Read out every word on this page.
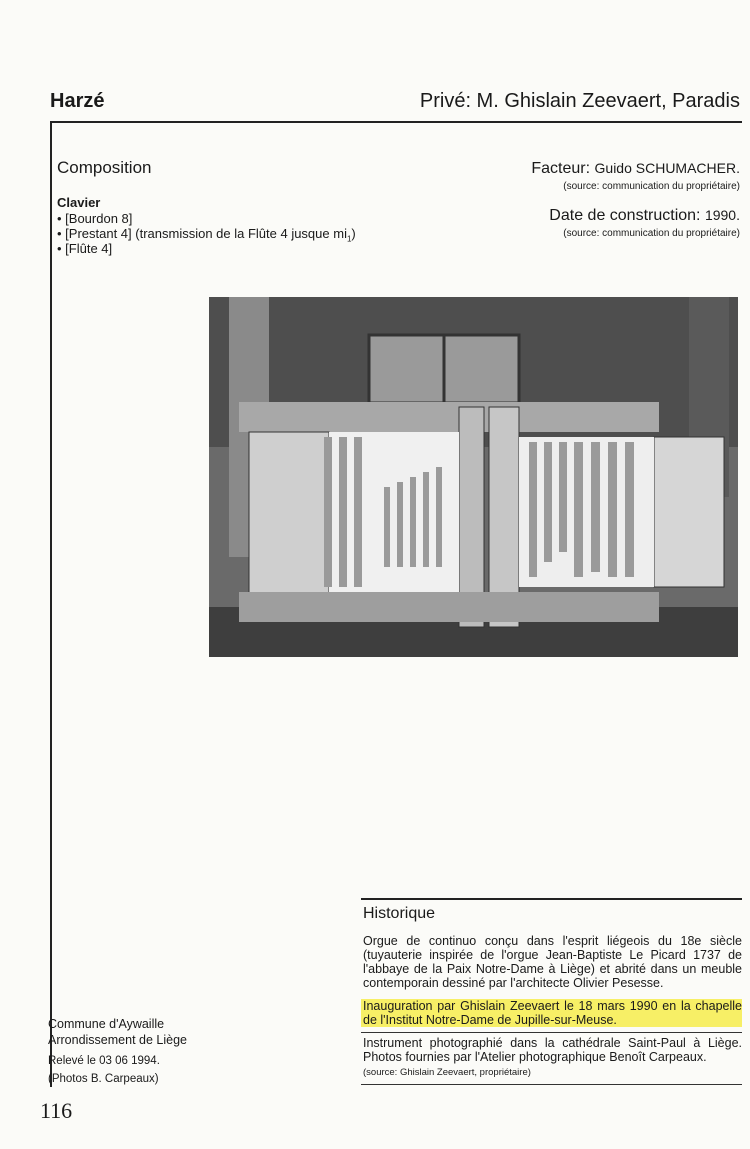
Harzé	Privé: M. Ghislain Zeevaert, Paradis
Composition
Clavier
• [Bourdon 8]
• [Prestant 4] (transmission de la Flûte 4 jusque $mi_1$)
• [Flûte 4]
Facteur: Guido SCHUMACHER.
(source: communication du propriétaire)
Date de construction: 1990.
(source: communication du propriétaire)
Historique
Orgue de continuo conçu dans l'esprit liégeois du 18e siècle (tuyauterie inspirée de l'orgue Jean-Baptiste Le Picard 1737 de l'abbaye de la Paix Notre-Dame à Liège) et abrité dans un meuble contemporain dessiné par l'architecte Olivier Pesesse.
Inauguration par Ghislain Zeevaert le 18 mars 1990 en la chapelle de l'Institut Notre-Dame de Jupille-sur-Meuse.
Instrument photographié dans la cathédrale Saint-Paul à Liège. Photos fournies par l'Atelier photographique Benoît Carpeaux.
(source: Ghislain Zeevaert, propriétaire)
Commune d'Aywaille
Arrondissement de Liège
Relevé le 03 06 1994.
(Photos B. Carpeaux)
116
